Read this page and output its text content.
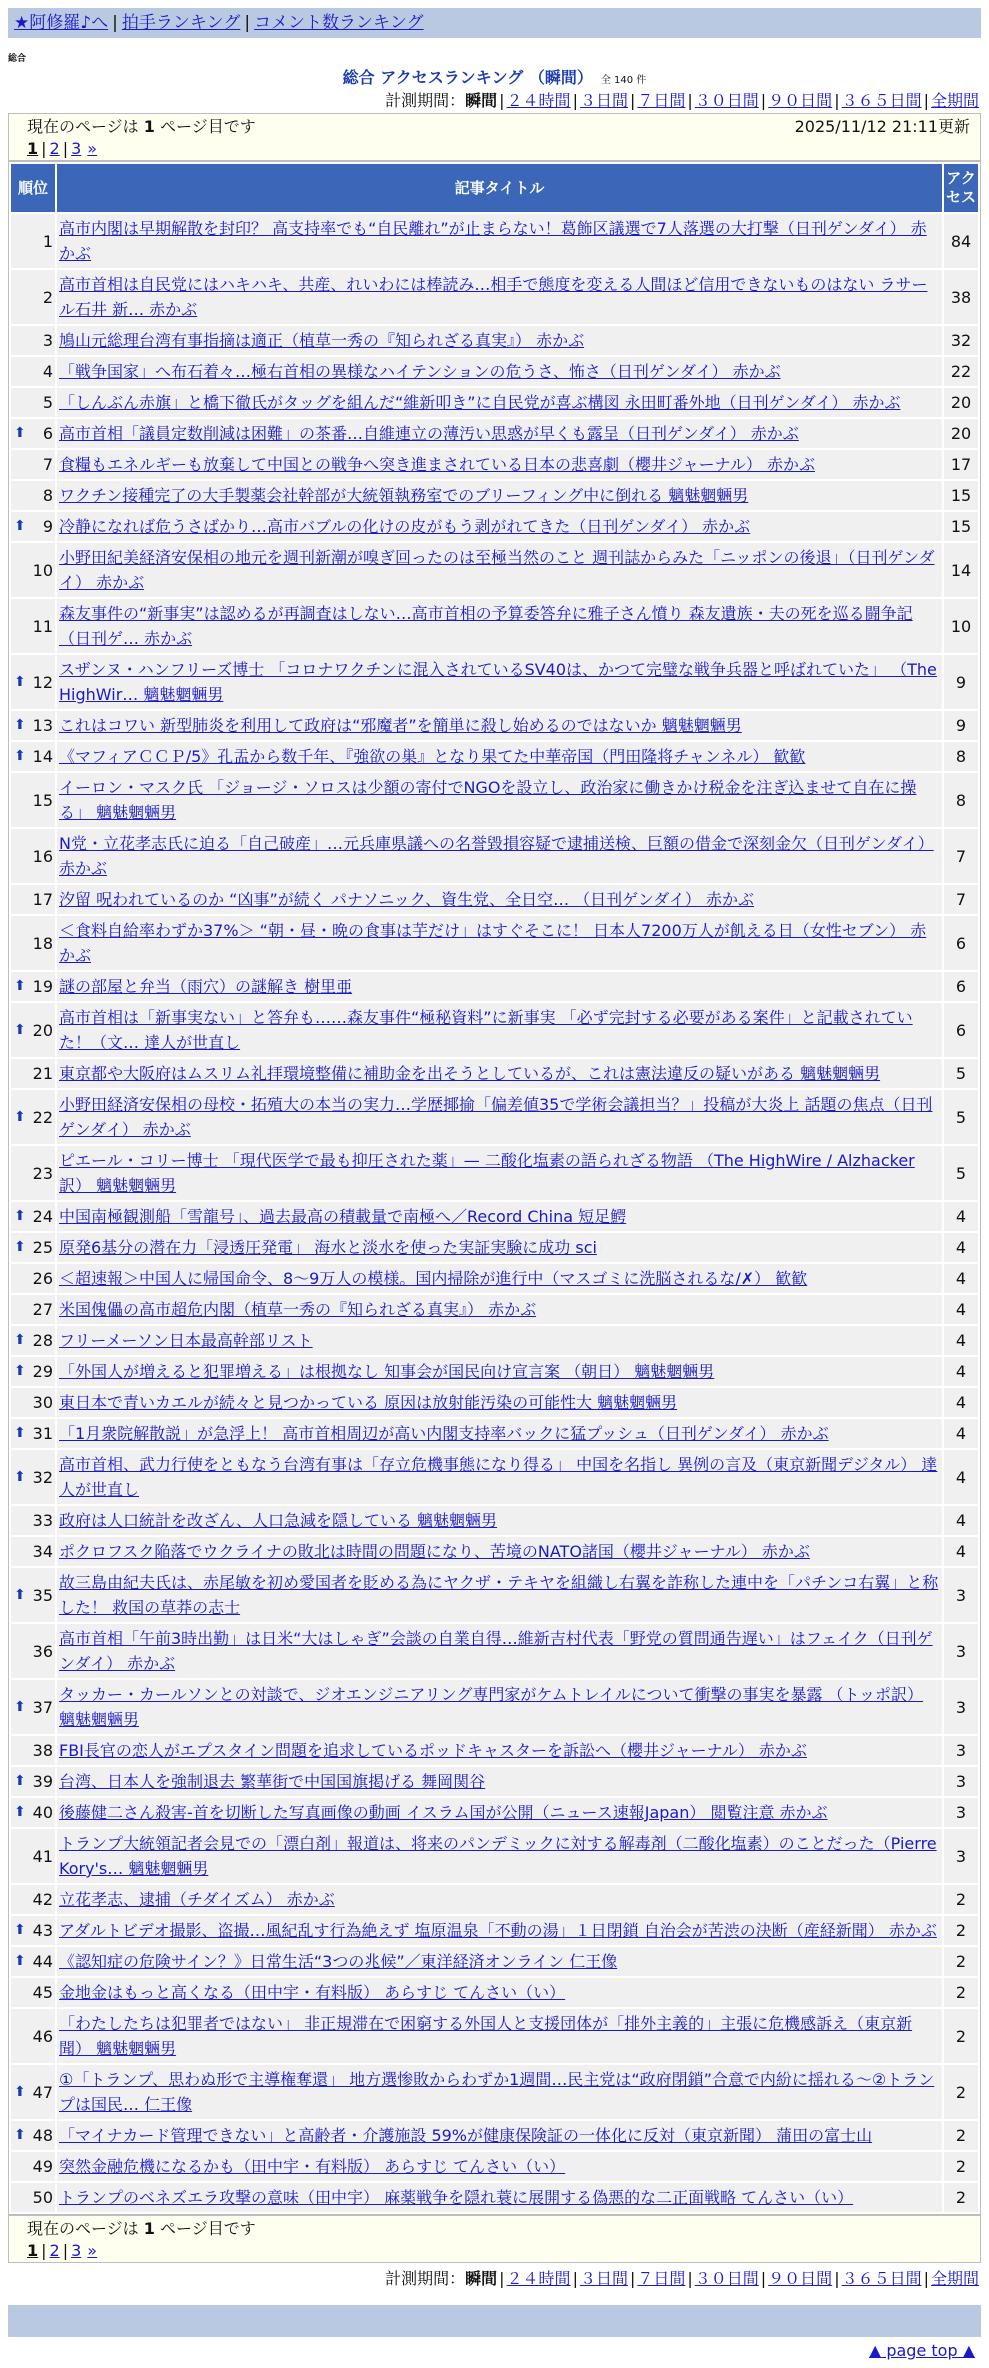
★阿修羅♪へ | 拍手ランキング | コメント数ランキング
総合
総合 アクセスランキング （瞬間） 全 140 件
計測期間：瞬間 | ２４時間 | ３日間 | ７日間 | ３０日間 | ９０日間 | ３６５日間 | 全期間
現在のページは 1 ページ目です	2025/11/12 21:11更新
1 | 2 | 3 »
順位	記事タイトル	アクセス
1	高市内閣は早期解散を封印？ 高支持率でも“自民離れ”が止まらない！葛飾区議選で7人落選の大打撃（日刊ゲンダイ） 赤かぶ	84
2	高市首相は自民党にはハキハキ、共産、れいわには棒読み…相手で態度を変える人間ほど信用できないものはない ラサール石井 新… 赤かぶ	38
3	鳩山元総理台湾有事指摘は適正（植草一秀の『知られざる真実』） 赤かぶ	32
4	「戦争国家」へ布石着々…極右首相の異様なハイテンションの危うさ、怖さ（日刊ゲンダイ） 赤かぶ	22
5	「しんぶん赤旗」と橋下徹氏がタッグを組んだ“維新叩き”に自民党が喜ぶ構図 永田町番外地（日刊ゲンダイ） 赤かぶ	20

⬆ 6	高市首相「議員定数削減は困難」の茶番…自維連立の薄汚い思惑が早くも露呈（日刊ゲンダイ） 赤かぶ	20
7	食糧もエネルギーも放棄して中国との戦争へ突き進まされている日本の悲喜劇（櫻井ジャーナル） 赤かぶ	17
8	ワクチン接種完了の大手製薬会社幹部が大統領執務室でのブリーフィング中に倒れる 魑魅魍魎男	15

⬆ 9	冷静になれば危うさばかり…高市バブルの化けの皮がもう剥がれてきた（日刊ゲンダイ） 赤かぶ	15
10	小野田紀美経済安保相の地元を週刊新潮が嗅ぎ回ったのは至極当然のこと 週刊誌からみた「ニッポンの後退」（日刊ゲンダイ） 赤かぶ	14
11	森友事件の“新事実”は認めるが再調査はしない…高市首相の予算委答弁に雅子さん憤り 森友遺族・夫の死を巡る闘争記（日刊ゲ… 赤かぶ	10

⬆ 12	スザンヌ・ハンフリーズ博士 「コロナワクチンに混入されているSV40は、かつて完璧な戦争兵器と呼ばれていた」 （The HighWir… 魑魅魍魎男	9

⬆ 13	これはコワい 新型肺炎を利用して政府は“邪魔者”を簡単に殺し始めるのではないか 魑魅魍魎男	9

⬆ 14	《マフィアＣＣＰ/5》孔盂から数千年、『強欲の巣』となり果てた中華帝国（門田隆将チャンネル） 歓歓	8
15	イーロン・マスク氏 「ジョージ・ソロスは少額の寄付でNGOを設立し、政治家に働きかけ税金を注ぎ込ませて自在に操る」 魑魅魍魎男	8
16	N党・立花孝志氏に迫る「自己破産」…元兵庫県議への名誉毀損容疑で逮捕送検、巨額の借金で深刻金欠（日刊ゲンダイ） 赤かぶ	7
17	汐留 呪われているのか “凶事”が続く パナソニック、資生党、全日空… （日刊ゲンダイ） 赤かぶ	7
18	＜食料自給率わずか37%＞ “朝・昼・晩の食事は芋だけ」はすぐそこに！ 日本人7200万人が飢える日（女性セブン） 赤かぶ	6

⬆ 19	謎の部屋と弁当（雨穴）の謎解き 樹里亜	6

⬆ 20	高市首相は「新事実ない」と答弁も……森友事件“極秘資料”に新事実 「必ず完封する必要がある案件」と記載されていた！（文… 達人が世直し	6
21	東京都や大阪府はムスリム礼拝環境整備に補助金を出そうとしているが、これは憲法違反の疑いがある 魑魅魍魎男	5

⬆ 22	小野田経済安保相の母校・拓殖大の本当の実力…学歴揶揄「偏差値35で学術会議担当？」投稿が大炎上 話題の焦点（日刊ゲンダイ） 赤かぶ	5
23	ピエール・コリー博士 「現代医学で最も抑圧された薬」— 二酸化塩素の語られざる物語 （The HighWire / Alzhacker訳） 魑魅魍魎男	5

⬆ 24	中国南極観測船「雪龍号」、過去最高の積載量で南極へ／Record China 短足鰐	4

⬆ 25	原発6基分の潜在力「浸透圧発電」 海水と淡水を使った実証実験に成功 sci	4
26	＜超速報＞中国人に帰国命令、8～9万人の模様。国内掃除が進行中（マスゴミに洗脳されるな/✗） 歓歓	4
27	米国傀儡の高市超危内閣（植草一秀の『知られざる真実』） 赤かぶ	4

⬆ 28	フリーメーソン日本最高幹部リスト	4

⬆ 29	「外国人が増えると犯罪増える」は根拠なし 知事会が国民向け宣言案 （朝日） 魑魅魍魎男	4
30	東日本で青いカエルが続々と見つかっている 原因は放射能汚染の可能性大 魑魅魍魎男	4

⬆ 31	「1月衆院解散説」が急浮上！ 高市首相周辺が高い内閣支持率バックに猛プッシュ（日刊ゲンダイ） 赤かぶ	4

⬆ 32	高市首相、武力行使をともなう台湾有事は「存立危機事態になり得る」 中国を名指し 異例の言及（東京新聞デジタル） 達人が世直し	4
33	政府は人口統計を改ざん、人口急減を隠している 魑魅魍魎男	4
34	ポクロフスク陥落でウクライナの敗北は時間の問題になり、苦境のNATO諸国（櫻井ジャーナル） 赤かぶ	4

⬆ 35	故三島由紀夫氏は、赤尾敏を初め愛国者を貶める為にヤクザ・テキヤを組織し右翼を詐称した連中を「パチンコ右翼」と称した！ 救国の草莽の志士	3
36	高市首相「午前3時出勤」は日米“大はしゃぎ”会談の自業自得…維新吉村代表「野党の質問通告遅い」はフェイク（日刊ゲンダイ） 赤かぶ	3

⬆ 37	タッカー・カールソンとの対談で、ジオエンジニアリング専門家がケムトレイルについて衝撃の事実を暴露 （トッポ訳） 魑魅魍魎男	3
38	FBI長官の恋人がエプスタイン問題を追求しているポッドキャスターを訴訟へ（櫻井ジャーナル） 赤かぶ	3

⬆ 39	台湾、日本人を強制退去 繁華街で中国国旗掲げる 舞岡関谷	3

⬆ 40	後藤健二さん殺害-首を切断した写真画像の動画 イスラム国が公開（ニュース速報Japan） 閲覧注意 赤かぶ	3
41	トランプ大統領記者会見での「漂白剤」報道は、将来のパンデミックに対する解毒剤（二酸化塩素）のことだった（Pierre Kory's… 魑魅魍魎男	3
42	立花孝志、逮捕（チダイズム） 赤かぶ	2

⬆ 43	アダルトビデオ撮影、盗撮…風紀乱す行為絶えず 塩原温泉「不動の湯」１日閉鎖 自治会が苦渋の決断（産経新聞） 赤かぶ	2

⬆ 44	《認知症の危険サイン？》日常生活“3つの兆候”／東洋経済オンライン 仁王像	2
45	金地金はもっと高くなる（田中宇・有料版） あらすじ てんさい（い）	2
46	「わたしたちは犯罪者ではない」 非正規滞在で困窮する外国人と支援団体が「排外主義的」主張に危機感訴え（東京新聞） 魑魅魍魎男	2

⬆ 47	①「トランプ、思わぬ形で主導権奪還」 地方選惨敗からわずか1週間…民主党は“政府閉鎖”合意で内紛に揺れる～②トランプは国民… 仁王像	2

⬆ 48	「マイナカード管理できない」と高齢者・介護施設 59%が健康保険証の一体化に反対（東京新聞） 蒲田の富士山	2
49	突然金融危機になるかも（田中宇・有料版） あらすじ てんさい（い）	2
50	トランプのベネズエラ攻撃の意味（田中宇） 麻薬戦争を隠れ蓑に展開する偽悪的な二正面戦略 てんさい（い）	2
現在のページは 1 ページ目です
1 | 2 | 3 »
計測期間：瞬間 | ２４時間 | ３日間 | ７日間 | ３０日間 | ９０日間 | ３６５日間 | 全期間
▲ page top ▲
